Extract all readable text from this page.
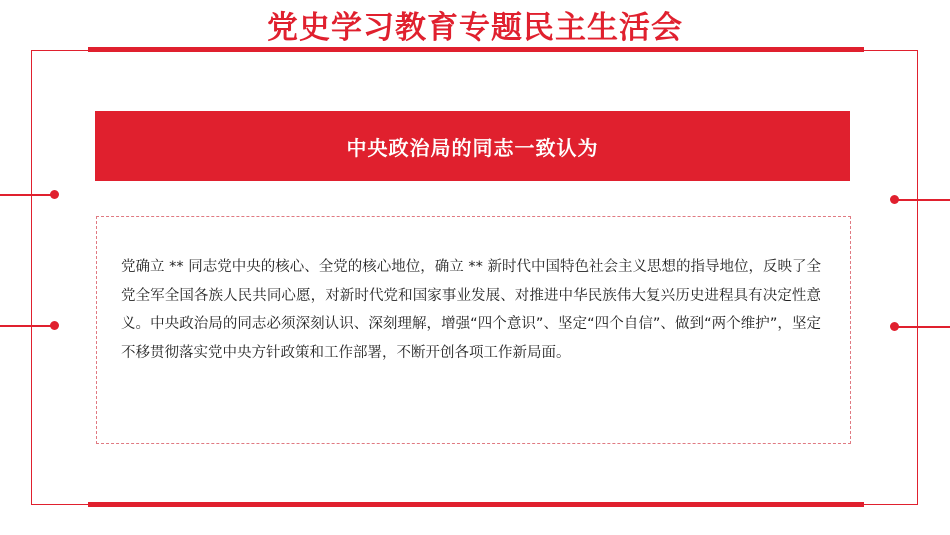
党史学习教育专题民主生活会
中央政治局的同志一致认为

党确立 ** 同志党中央的核心、全党的核心地位，确立 ** 新时代中国特色社会主义思想的指导地位，反映了全党全军全国各族人民共同心愿，对新时代党和国家事业发展、对推进中华民族伟大复兴历史进程具有决定性意义。中央政治局的同志必须深刻认识、深刻理解，增强“四个意识”、坚定“四个自信”、做到“两个维护”，坚定不移贯彻落实党中央方针政策和工作部署，不断开创各项工作新局面。
